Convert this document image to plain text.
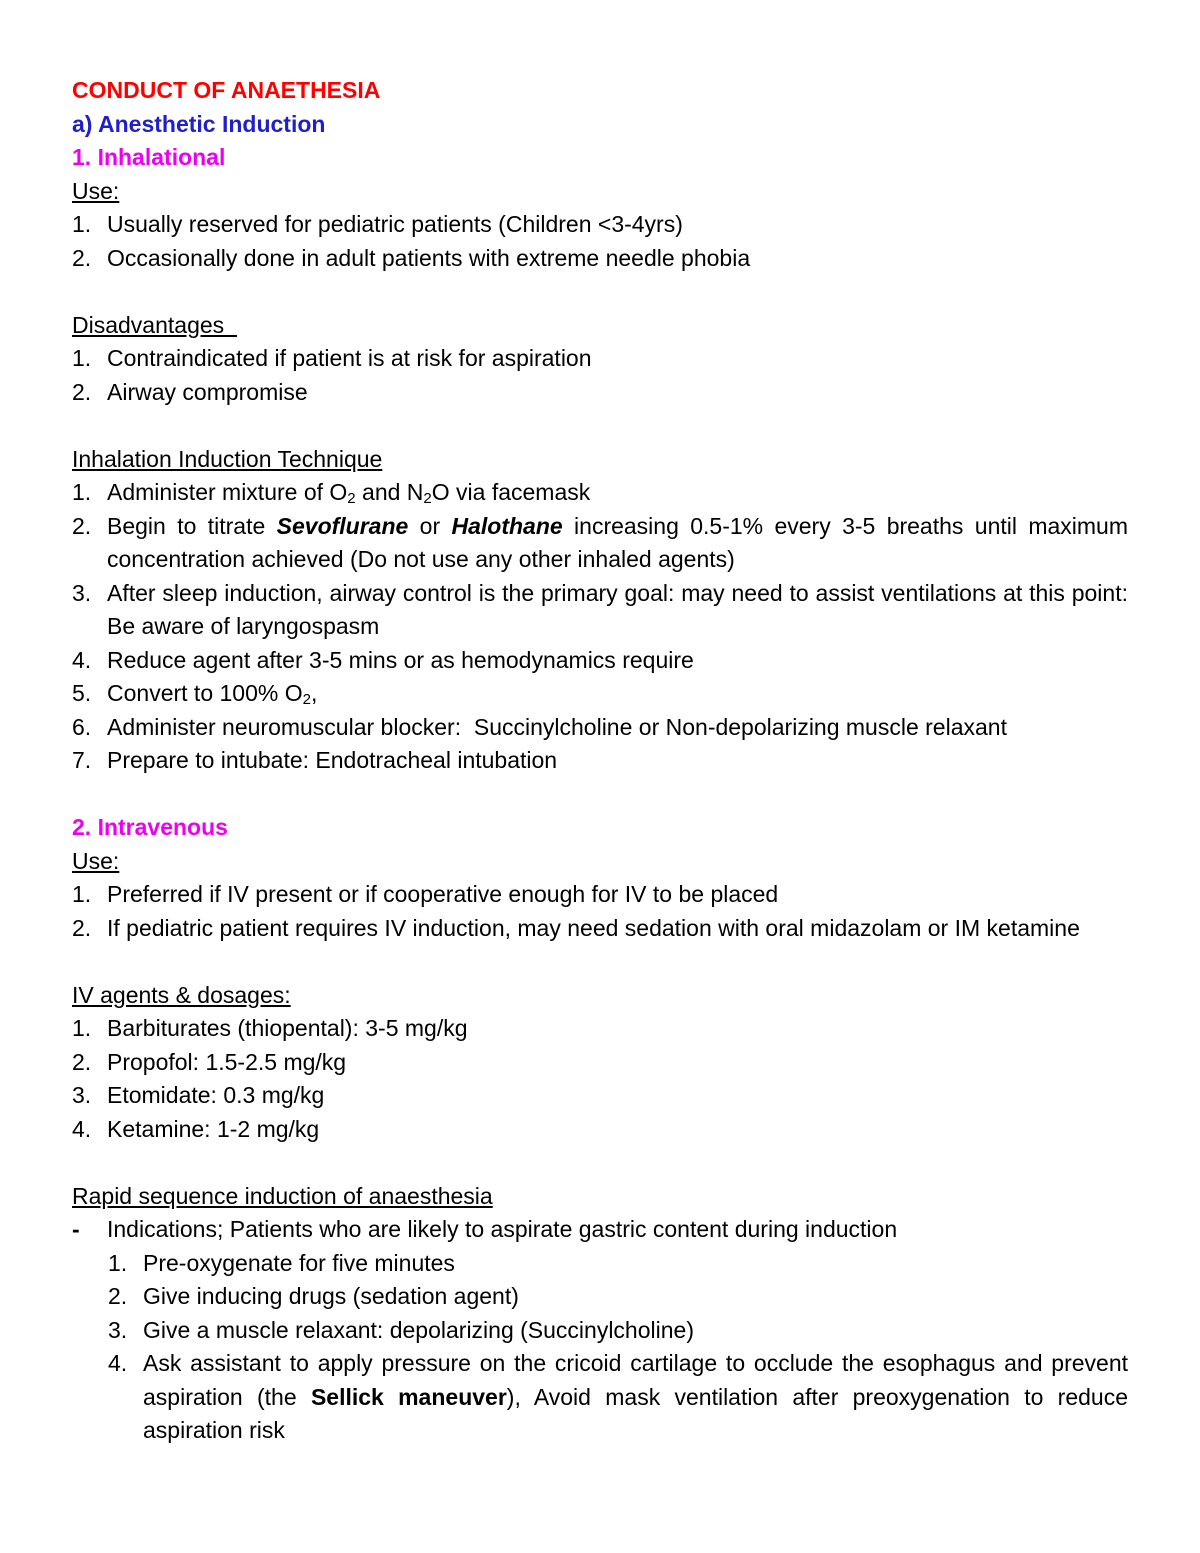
CONDUCT OF ANAETHESIA
a) Anesthetic Induction
1. Inhalational
Use:
1. Usually reserved for pediatric patients (Children <3-4yrs)
2. Occasionally done in adult patients with extreme needle phobia
Disadvantages
1. Contraindicated if patient is at risk for aspiration
2. Airway compromise
Inhalation Induction Technique
1. Administer mixture of $O_2$ and $N_2O$ via facemask
2. Begin to titrate Sevoflurane or Halothane increasing 0.5-1% every 3-5 breaths until maximum concentration achieved (Do not use any other inhaled agents)
3. After sleep induction, airway control is the primary goal: may need to assist ventilations at this point: Be aware of laryngospasm
4. Reduce agent after 3-5 mins or as hemodynamics require
5. Convert to 100% $O_2$,
6. Administer neuromuscular blocker:  Succinylcholine or Non-depolarizing muscle relaxant
7. Prepare to intubate: Endotracheal intubation
2. Intravenous
Use:
1. Preferred if IV present or if cooperative enough for IV to be placed
2. If pediatric patient requires IV induction, may need sedation with oral midazolam or IM ketamine
IV agents & dosages:
1. Barbiturates (thiopental): 3-5 mg/kg
2. Propofol: 1.5-2.5 mg/kg
3. Etomidate: 0.3 mg/kg
4. Ketamine: 1-2 mg/kg
Rapid sequence induction of anaesthesia
-	Indications; Patients who are likely to aspirate gastric content during induction
1. Pre-oxygenate for five minutes
2. Give inducing drugs (sedation agent)
3. Give a muscle relaxant: depolarizing (Succinylcholine)
4. Ask assistant to apply pressure on the cricoid cartilage to occlude the esophagus and prevent aspiration (the Sellick maneuver), Avoid mask ventilation after preoxygenation to reduce aspiration risk
